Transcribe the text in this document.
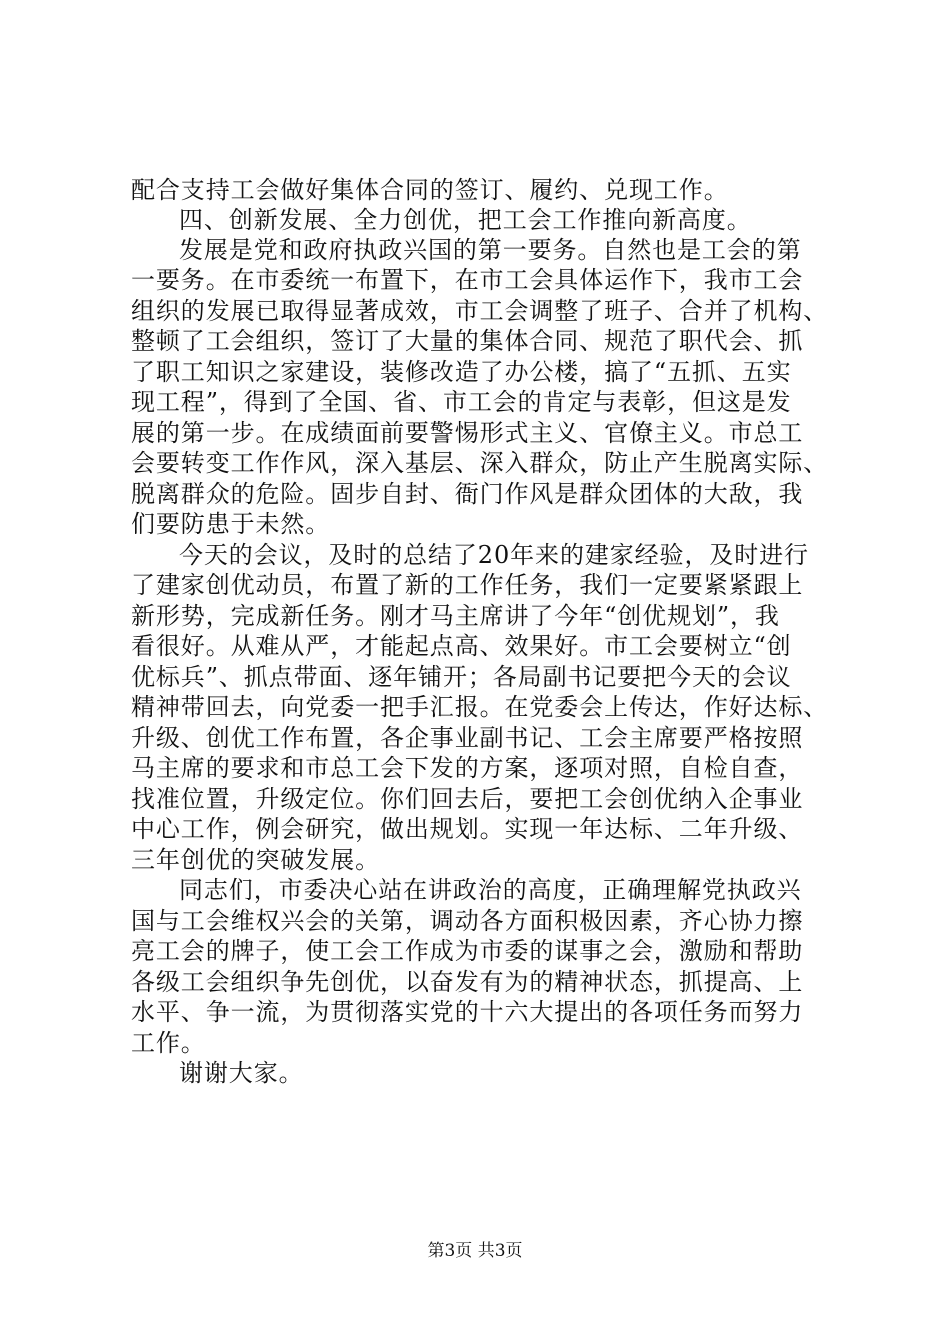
配合支持工会做好集体合同的签订、履约、兑现工作。
四、创新发展、全力创优，把工会工作推向新高度。
发展是党和政府执政兴国的第一要务。自然也是工会的第
一要务。在市委统一布置下，在市工会具体运作下，我市工会
组织的发展已取得显著成效，市工会调整了班子、合并了机构、
整顿了工会组织，签订了大量的集体合同、规范了职代会、抓
了职工知识之家建设，装修改造了办公楼，搞了“五抓、五实
现工程”，得到了全国、省、市工会的肯定与表彰，但这是发
展的第一步。在成绩面前要警惕形式主义、官僚主义。市总工
会要转变工作作风，深入基层、深入群众，防止产生脱离实际、
脱离群众的危险。固步自封、衙门作风是群众团体的大敌，我
们要防患于未然。
今天的会议，及时的总结了20年来的建家经验，及时进行
了建家创优动员，布置了新的工作任务，我们一定要紧紧跟上
新形势，完成新任务。刚才马主席讲了今年“创优规划”，我
看很好。从难从严，才能起点高、效果好。市工会要树立“创
优标兵”、抓点带面、逐年铺开；各局副书记要把今天的会议
精神带回去，向党委一把手汇报。在党委会上传达，作好达标、
升级、创优工作布置，各企事业副书记、工会主席要严格按照
马主席的要求和市总工会下发的方案，逐项对照，自检自查，
找准位置，升级定位。你们回去后，要把工会创优纳入企事业
中心工作，例会研究，做出规划。实现一年达标、二年升级、
三年创优的突破发展。
同志们，市委决心站在讲政治的高度，正确理解党执政兴
国与工会维权兴会的关第，调动各方面积极因素，齐心协力擦
亮工会的牌子，使工会工作成为市委的谋事之会，激励和帮助
各级工会组织争先创优，以奋发有为的精神状态，抓提高、上
水平、争一流，为贯彻落实党的十六大提出的各项任务而努力
工作。
谢谢大家。
第3页 共3页
